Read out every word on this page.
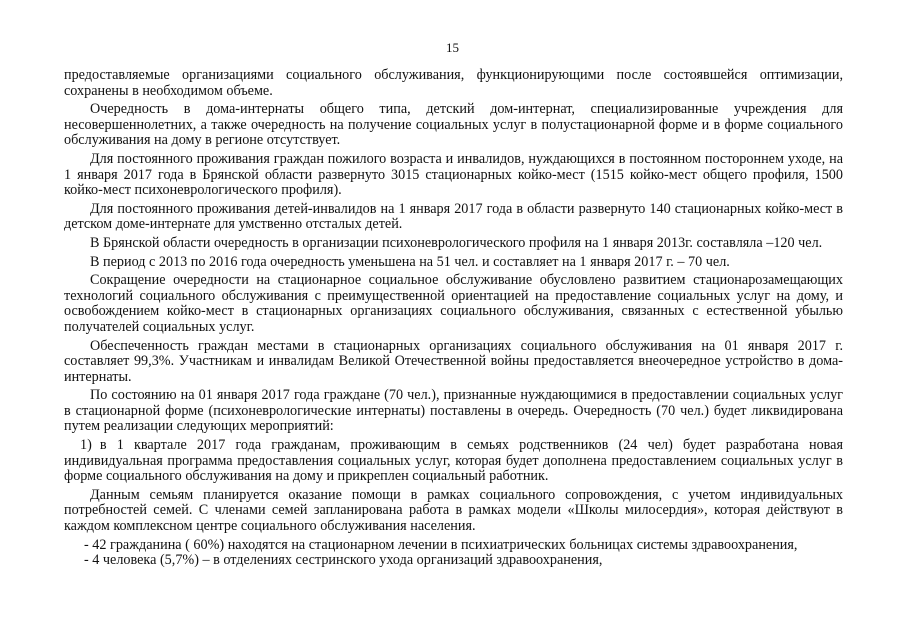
15

предоставляемые организациями социального обслуживания, функционирующими после состоявшейся оптимизации, сохранены в необходимом объеме.

Очередность в дома-интернаты общего типа, детский дом-интернат, специализированные учреждения для несовершеннолетних, а также очередность на получение социальных услуг в полустационарной форме и в форме социального обслуживания на дому в регионе отсутствует.

Для постоянного проживания граждан пожилого возраста и инвалидов, нуждающихся в постоянном постороннем уходе, на 1 января 2017 года в Брянской области развернуто 3015 стационарных койко-мест (1515 койко-мест общего профиля, 1500 койко-мест психоневрологического профиля).

Для постоянного проживания детей-инвалидов на 1 января 2017 года в области развернуто 140 стационарных койко-мест в детском доме-интернате для умственно отсталых детей.

В Брянской области очередность в организации психоневрологического профиля на 1 января 2013г. составляла –120 чел.

В период с 2013 по 2016 года очередность уменьшена на 51 чел. и составляет на 1 января 2017 г. – 70 чел.

Сокращение очередности на стационарное социальное обслуживание обусловлено развитием стационарозамещающих технологий социального обслуживания с преимущественной ориентацией на предоставление социальных услуг на дому, и освобождением койко-мест в стационарных организациях социального обслуживания, связанных с естественной убылью получателей социальных услуг.

Обеспеченность граждан местами в стационарных организациях социального обслуживания на 01 января 2017 г. составляет 99,3%. Участникам и инвалидам Великой Отечественной войны предоставляется внеочередное устройство в дома-интернаты.

По состоянию на 01 января 2017 года граждане (70 чел.), признанные нуждающимися в предоставлении социальных услуг в стационарной форме (психоневрологические интернаты) поставлены в очередь. Очередность (70 чел.) будет ликвидирована путем реализации следующих мероприятий:

1) в 1 квартале 2017 года гражданам, проживающим в семьях родственников (24 чел) будет разработана новая индивидуальная программа предоставления социальных услуг, которая будет дополнена предоставлением социальных услуг в форме социального обслуживания на дому и прикреплен социальный работник.

Данным семьям планируется оказание помощи в рамках социального сопровождения, с учетом индивидуальных потребностей семей. С членами семей запланирована работа в рамках модели «Школы милосердия», которая действуют в каждом комплексном центре социального обслуживания населения.

- 42 гражданина ( 60%) находятся на стационарном лечении в психиатрических больницах системы здравоохранения,

- 4 человека (5,7%) – в отделениях сестринского ухода организаций здравоохранения,
